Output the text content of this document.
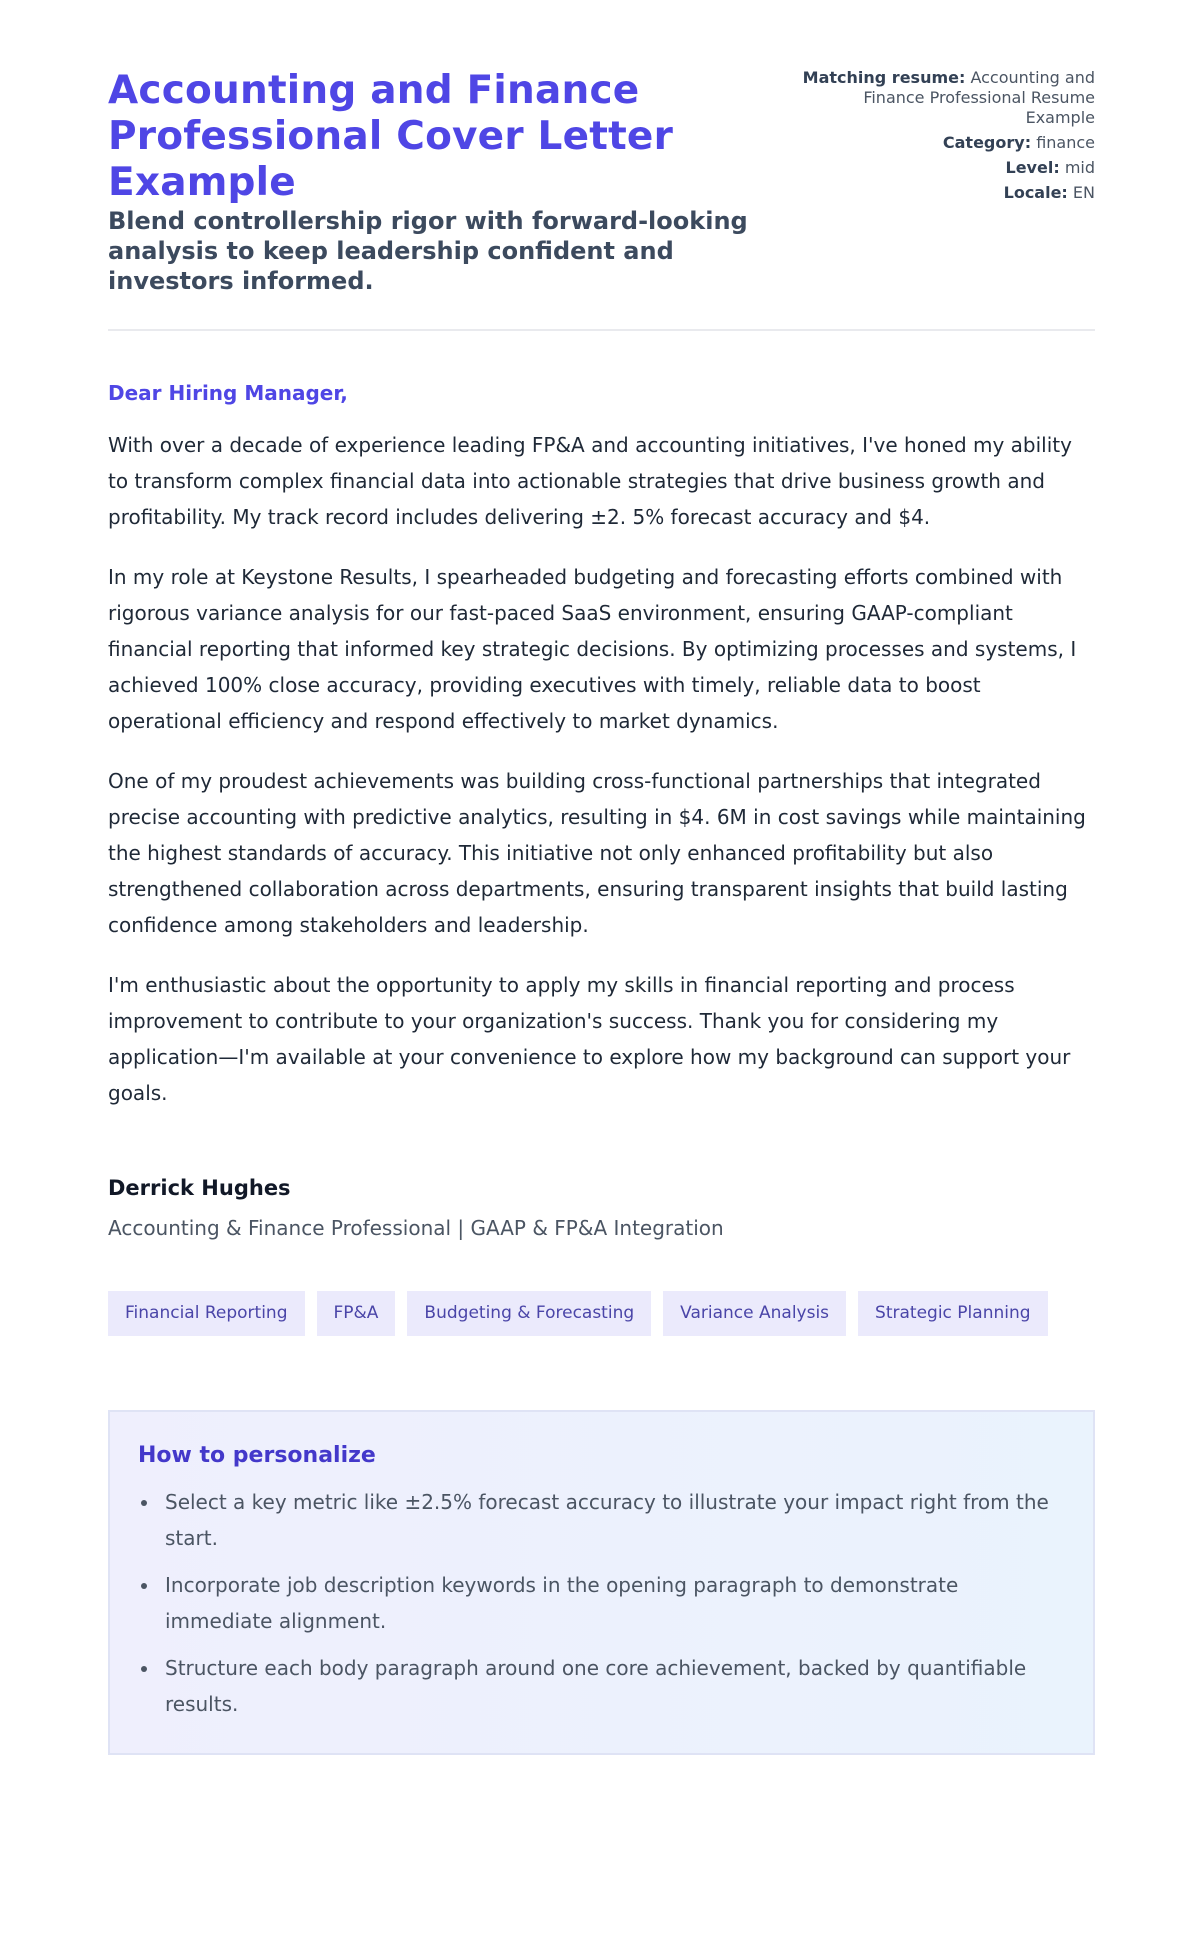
Accounting and Finance Professional Cover Letter Example

Blend controllership rigor with forward-looking analysis to keep leadership confident and investors informed.

Matching resume: Accounting and Finance Professional Resume Example
Category: finance
Level: mid
Locale: EN

Dear Hiring Manager,

With over a decade of experience leading FP&A and accounting initiatives, I've honed my ability to transform complex financial data into actionable strategies that drive business growth and profitability. My track record includes delivering ±2. 5% forecast accuracy and $4.

In my role at Keystone Results, I spearheaded budgeting and forecasting efforts combined with rigorous variance analysis for our fast-paced SaaS environment, ensuring GAAP-compliant financial reporting that informed key strategic decisions. By optimizing processes and systems, I achieved 100% close accuracy, providing executives with timely, reliable data to boost operational efficiency and respond effectively to market dynamics.

One of my proudest achievements was building cross-functional partnerships that integrated precise accounting with predictive analytics, resulting in $4. 6M in cost savings while maintaining the highest standards of accuracy. This initiative not only enhanced profitability but also strengthened collaboration across departments, ensuring transparent insights that build lasting confidence among stakeholders and leadership.

I'm enthusiastic about the opportunity to apply my skills in financial reporting and process improvement to contribute to your organization's success. Thank you for considering my application—I'm available at your convenience to explore how my background can support your goals.

Derrick Hughes

Accounting & Finance Professional | GAAP & FP&A Integration

Financial Reporting	FP&A	Budgeting & Forecasting	Variance Analysis	Strategic Planning
How to personalize
Select a key metric like ±2.5% forecast accuracy to illustrate your impact right from the start.
Incorporate job description keywords in the opening paragraph to demonstrate immediate alignment.
Structure each body paragraph around one core achievement, backed by quantifiable results.
